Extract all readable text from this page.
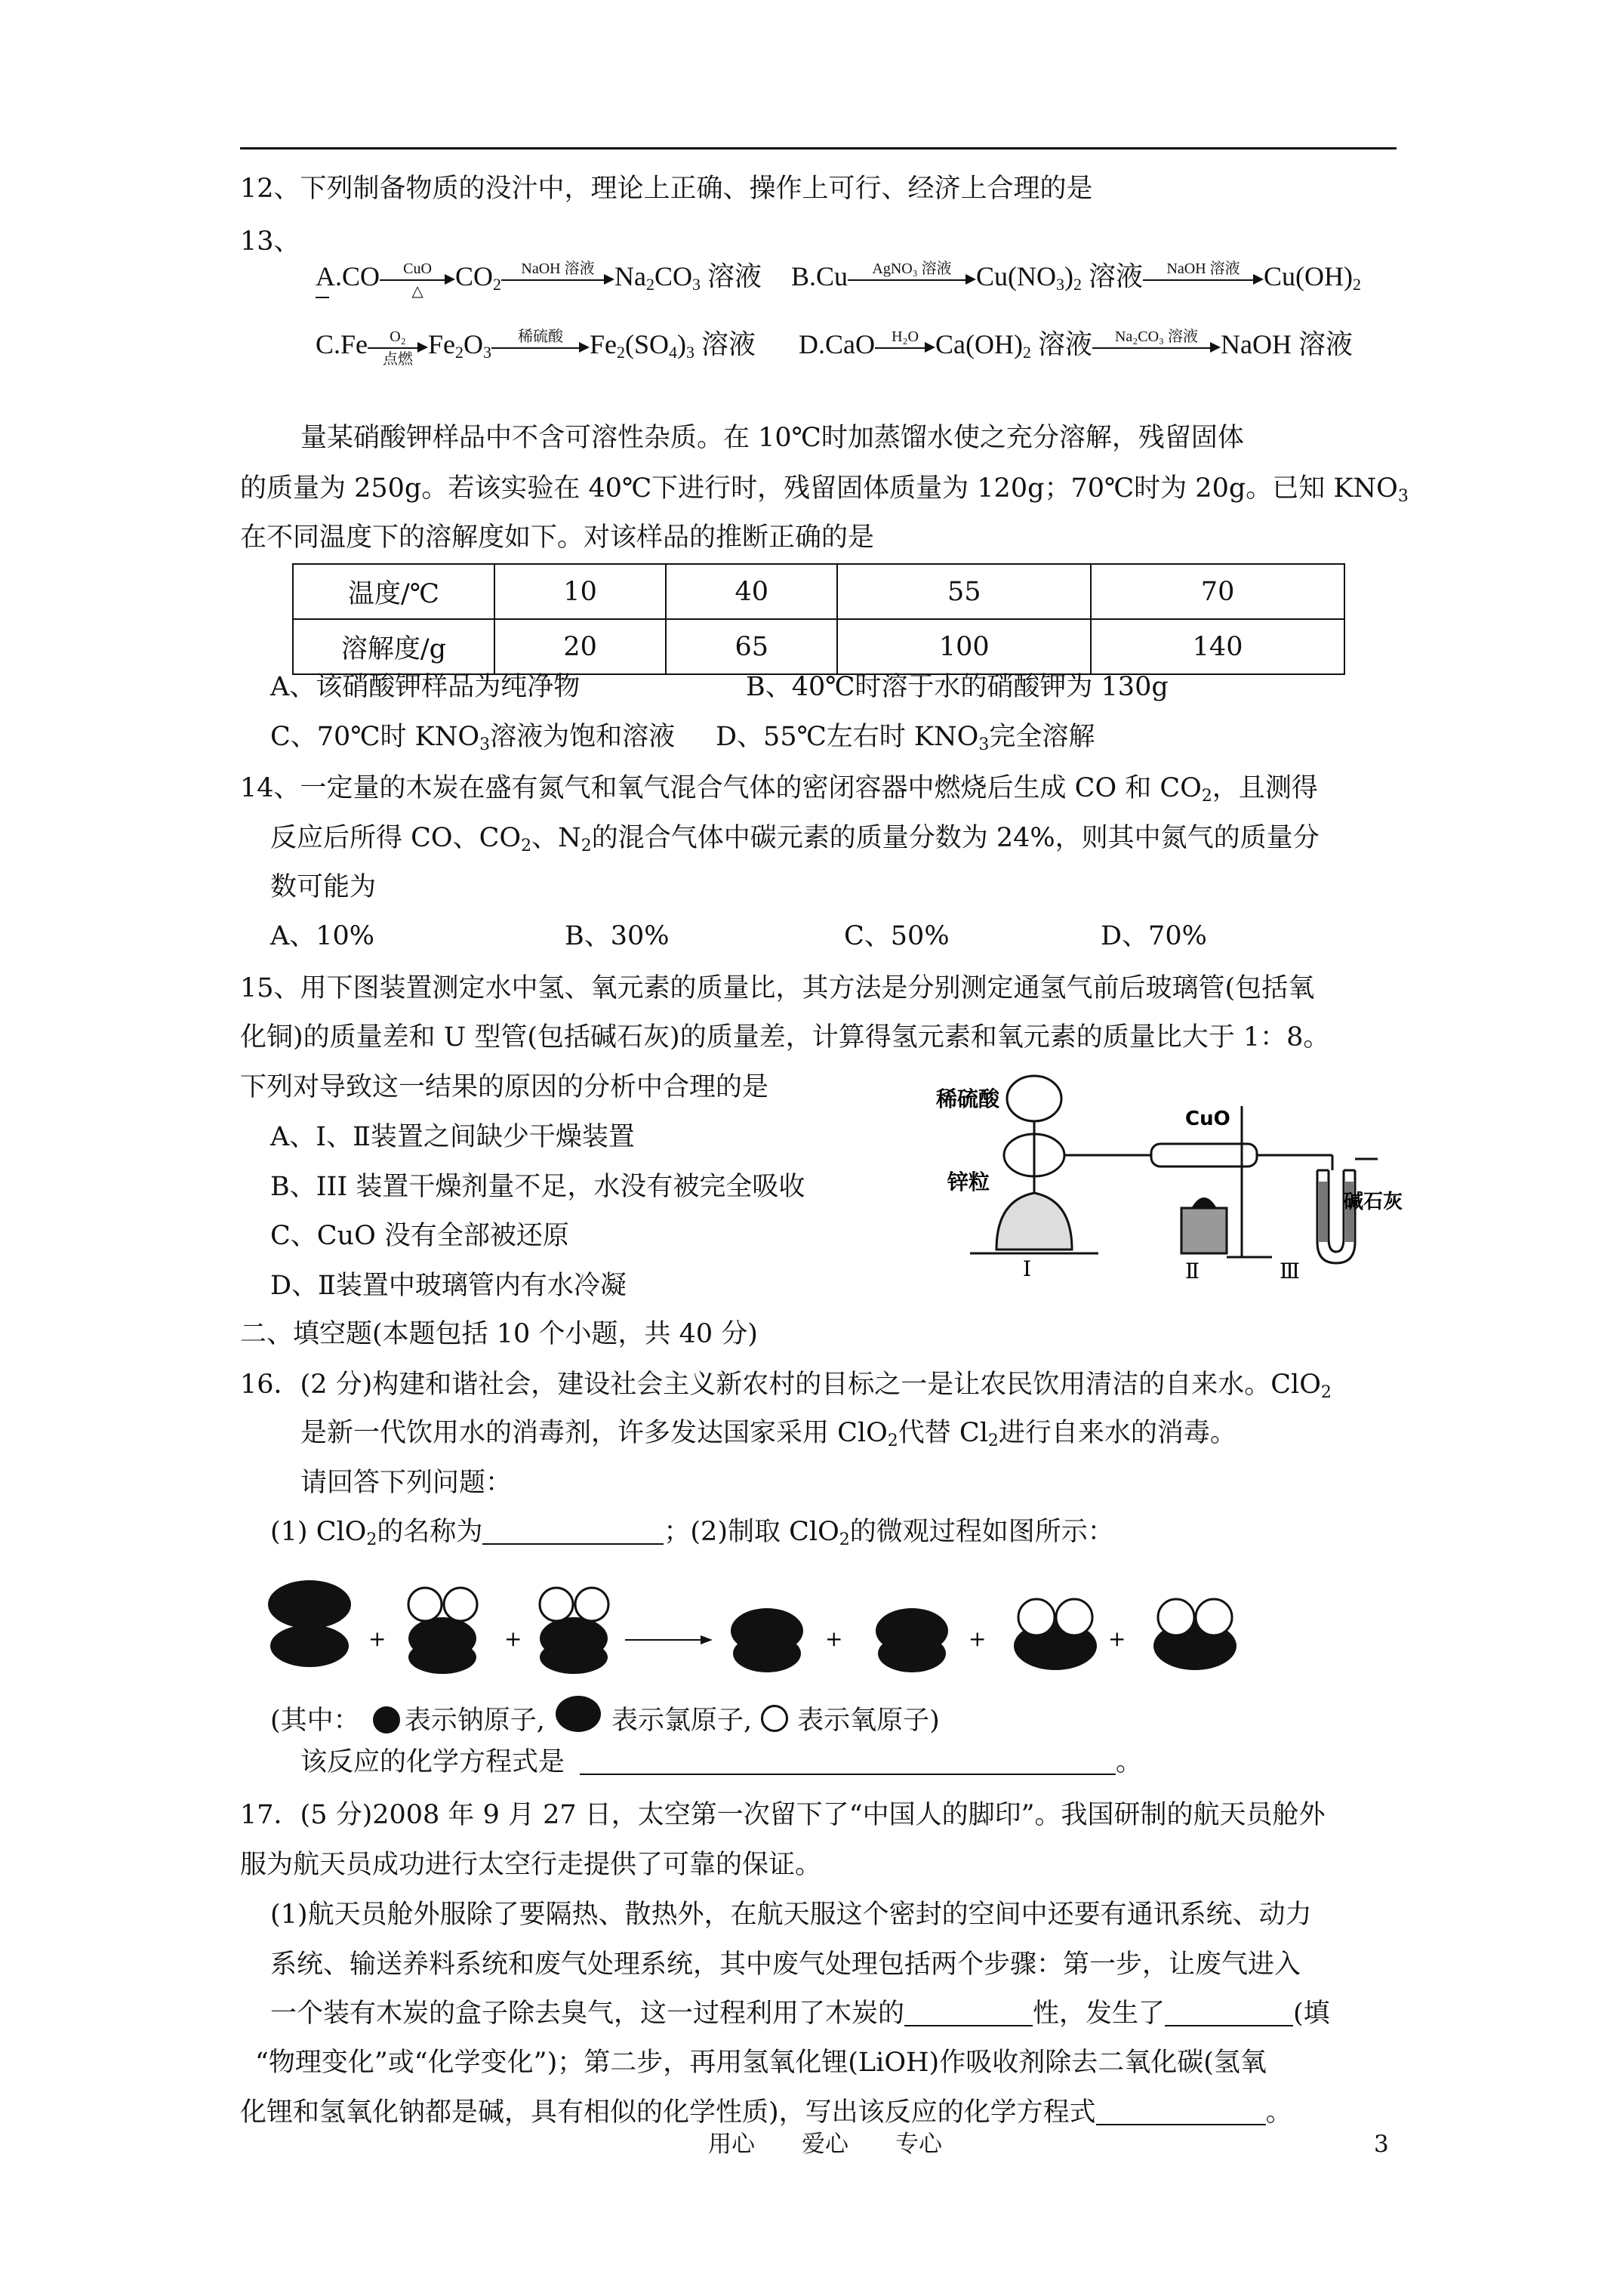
12、下列制备物质的没汁中，理论上正确、操作上可行、经济上合理的是
13、
A.CO	CuO
△	$CO_2$
NaOH 溶液 $Na_2CO_3$ 溶液 B.Cu	AgNO₃ 溶液 $Cu(NO_3)_2$ 溶液	NaOH 溶液 $Cu(OH)_2$
C.Fe	O₂
点燃 $Fe_2O_3$
稀硫酸 $Fe_2(SO_4)_3$ 溶液 D.CaO	H₂O $Ca(OH)_2$ 溶液	Na₂CO₃ 溶液 NaOH 溶液
量某硝酸钾样品中不含可溶性杂质。在 10℃时加蒸馏水使之充分溶解，残留固体
的质量为 250g。若该实验在 40℃下进行时，残留固体质量为 120g；70℃时为 20g。已知 $KNO_3$
在不同温度下的溶解度如下。对该样品的推断正确的是
温度/℃	10	40	55	70
溶解度/g	20	65	100	140
A、该硝酸钾样品为纯净物	B、40℃时溶于水的硝酸钾为 130g
C、70℃时 $KNO_3$溶液为饱和溶液 D、55℃左右时 $KNO_3$完全溶解
14、一定量的木炭在盛有氮气和氧气混合气体的密闭容器中燃烧后生成 CO 和 $CO_2$，且测得
反应后所得 CO、$CO_2$、$N_2$的混合气体中碳元素的质量分数为 24%，则其中氮气的质量分
数可能为
A、10%	B、30%	C、50%	D、70%
15、用下图装置测定水中氢、氧元素的质量比，其方法是分别测定通氢气前后玻璃管(包括氧
化铜)的质量差和 U 型管(包括碱石灰)的质量差，计算得氢元素和氧元素的质量比大于 1：8。
下列对导致这一结果的原因的分析中合理的是
A、I、Ⅱ装置之间缺少干燥装置
B、III 装置干燥剂量不足，水没有被完全吸收
C、CuO 没有全部被还原
D、Ⅱ装置中玻璃管内有水冷凝
稀硫酸
锌粒
CuO
碱石灰
I	Ⅱ	Ⅲ
二、填空题(本题包括 10 个小题，共 40 分)
16．(2 分)构建和谐社会，建设社会主义新农村的目标之一是让农民饮用清洁的自来水。ClO$_2$
是新一代饮用水的消毒剂，许多发达国家采用 ClO$_2$代替 $Cl_2$进行自来水的消毒。
请回答下列问题：
(1) ClO$_2$的名称为	；(2)制取 ClO$_2$的微观过程如图所示：
+	+	+	+	+
(其中： 表示钠原子,	表示氯原子, 表示氧原子)
该反应的化学方程式是	。
17．(5 分)2008 年 9 月 27 日，太空第一次留下了“中国人的脚印”。我国研制的航天员舱外
服为航天员成功进行太空行走提供了可靠的保证。
(1)航天员舱外服除了要隔热、散热外，在航天服这个密封的空间中还要有通讯系统、动力
系统、输送养料系统和废气处理系统，其中废气处理包括两个步骤：第一步，让废气进入
一个装有木炭的盒子除去臭气，这一过程利用了木炭的	性，发生了	(填
“物理变化”或“化学变化”)；第二步，再用氢氧化锂(LiOH)作吸收剂除去二氧化碳(氢氧
化锂和氢氧化钠都是碱，具有相似的化学性质)，写出该反应的化学方程式	。
用心　　爱心　　专心	3
